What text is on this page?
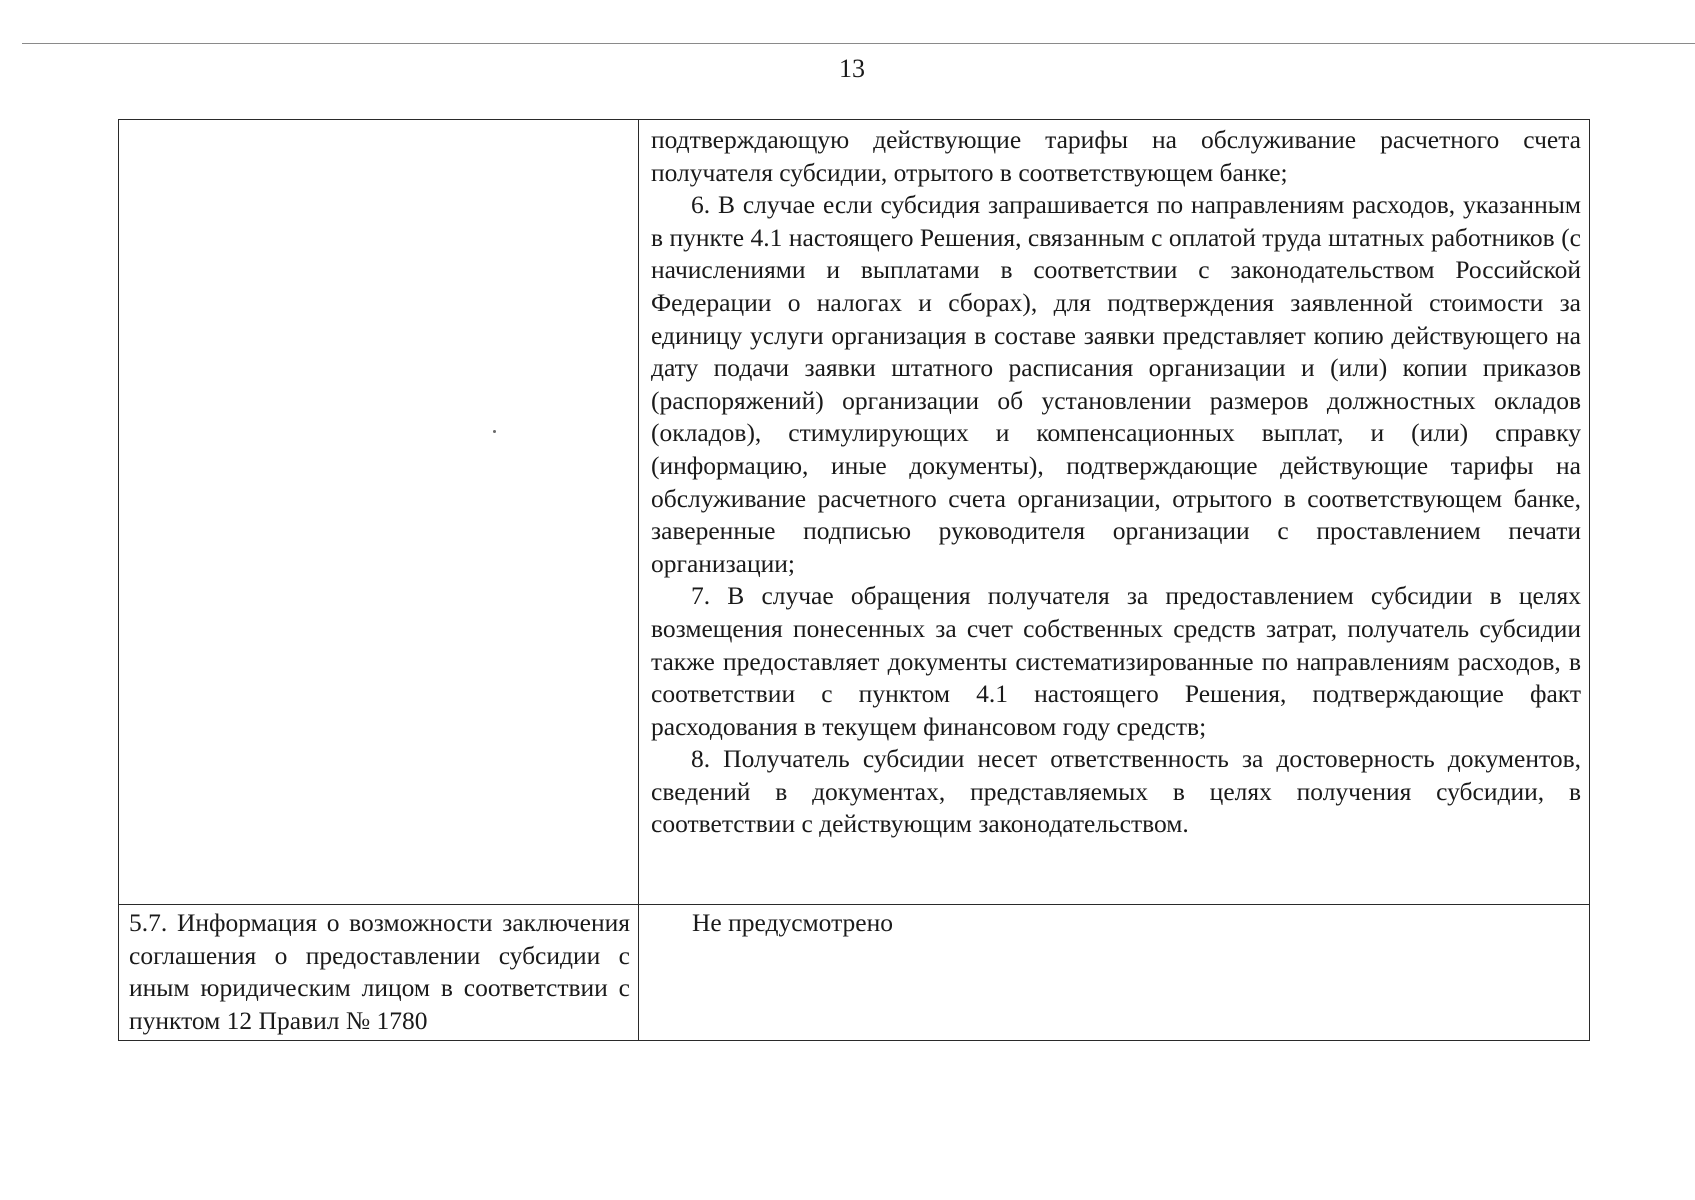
13

	подтверждающую действующие тарифы на обслуживание расчетного счета получателя субсидии, отрытого в соответствующем банке;

6. В случае если субсидия запрашивается по направлениям расходов, указанным в пункте 4.1 настоящего Решения, связанным с оплатой труда штатных работников (с начислениями и выплатами в соответствии с законодательством Российской Федерации о налогах и сборах), для подтверждения заявленной стоимости за единицу услуги организация в составе заявки представляет копию действующего на дату подачи заявки штатного расписания организации и (или) копии приказов (распоряжений) организации об установлении размеров должностных окладов (окладов), стимулирующих и компенсационных выплат, и (или) справку (информацию, иные документы), подтверждающие действующие тарифы на обслуживание расчетного счета организации, отрытого в соответствующем банке, заверенные подписью руководителя организации с проставлением печати организации;

7. В случае обращения получателя за предоставлением субсидии в целях возмещения понесенных за счет собственных средств затрат, получатель субсидии также предоставляет документы систематизированные по направлениям расходов, в соответствии с пунктом 4.1 настоящего Решения, подтверждающие факт расходования в текущем финансовом году средств;

8. Получатель субсидии несет ответственность за достоверность документов, сведений в документах, представляемых в целях получения субсидии, в соответствии с действующим законодательством.

5.7. Информация о возможности заключения соглашения о предоставлении субсидии с иным юридическим лицом в соответствии с пунктом 12 Правил № 1780	Не предусмотрено
